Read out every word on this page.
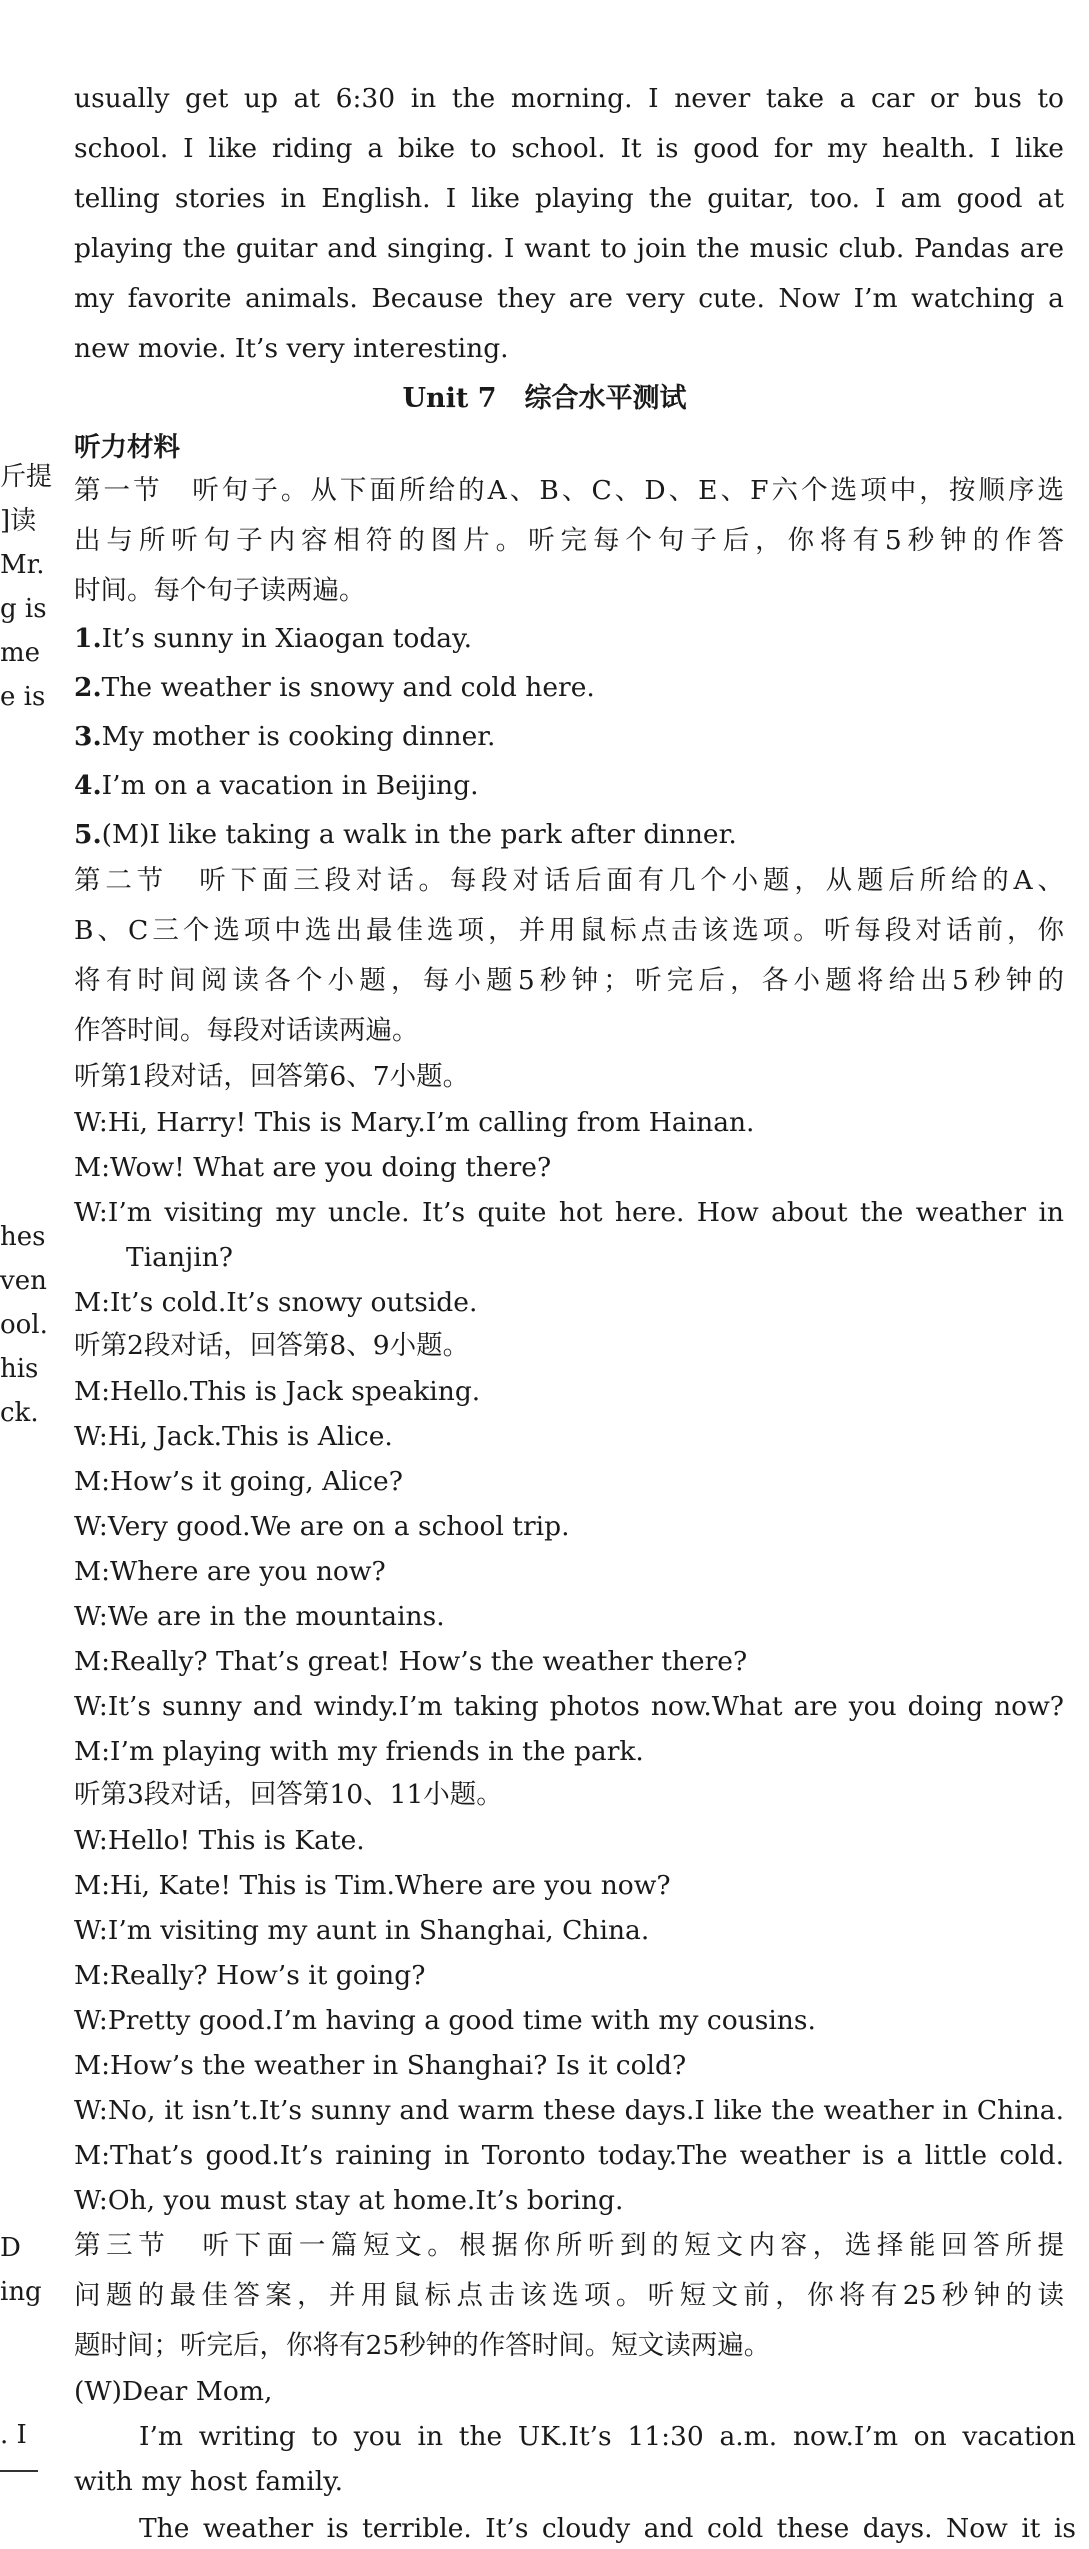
斤提
]读
Mr.
g is
me
e is
hes
ven
ool.
his
ck.
D
ing
. I
usually get up at 6:30 in the morning. I never take a car or bus to
school. I like riding a bike to school. It is good for my health. I like
telling stories in English. I like playing the guitar, too. I am good at
playing the guitar and singing. I want to join the music club. Pandas are
my favorite animals. Because they are very cute. Now I’m watching a
new movie. It’s very interesting.
Unit 7 综合水平测试
听力材料
第一节　听句子。从下面所给的A、B、C、D、E、F六个选项中，按顺序选
出与所听句子内容相符的图片。听完每个句子后，你将有5秒钟的作答
时间。每个句子读两遍。
1.It’s sunny in Xiaogan today.
2.The weather is snowy and cold here.
3.My mother is cooking dinner.
4.I’m on a vacation in Beijing.
5.(M)I like taking a walk in the park after dinner.
第二节　听下面三段对话。每段对话后面有几个小题，从题后所给的A、
B、C三个选项中选出最佳选项，并用鼠标点击该选项。听每段对话前，你
将有时间阅读各个小题，每小题5秒钟；听完后，各小题将给出5秒钟的
作答时间。每段对话读两遍。
听第1段对话，回答第6、7小题。
W:Hi, Harry! This is Mary.I’m calling from Hainan.
M:Wow! What are you doing there?
W:I’m visiting my uncle. It’s quite hot here. How about the weather in
Tianjin?
M:It’s cold.It’s snowy outside.
听第2段对话，回答第8、9小题。
M:Hello.This is Jack speaking.
W:Hi, Jack.This is Alice.
M:How’s it going, Alice?
W:Very good.We are on a school trip.
M:Where are you now?
W:We are in the mountains.
M:Really? That’s great! How’s the weather there?
W:It’s sunny and windy.I’m taking photos now.What are you doing now?
M:I’m playing with my friends in the park.
听第3段对话，回答第10、11小题。
W:Hello! This is Kate.
M:Hi, Kate! This is Tim.Where are you now?
W:I’m visiting my aunt in Shanghai, China.
M:Really? How’s it going?
W:Pretty good.I’m having a good time with my cousins.
M:How’s the weather in Shanghai? Is it cold?
W:No, it isn’t.It’s sunny and warm these days.I like the weather in China.
M:That’s good.It’s raining in Toronto today.The weather is a little cold.
W:Oh, you must stay at home.It’s boring.
第三节　听下面一篇短文。根据你所听到的短文内容，选择能回答所提
问题的最佳答案，并用鼠标点击该选项。听短文前，你将有25秒钟的读
题时间；听完后，你将有25秒钟的作答时间。短文读两遍。
(W)Dear Mom,
I’m writing to you in the UK.It’s 11:30 a.m. now.I’m on vacation
with my host family.
The weather is terrible. It’s cloudy and cold these days. Now it is
